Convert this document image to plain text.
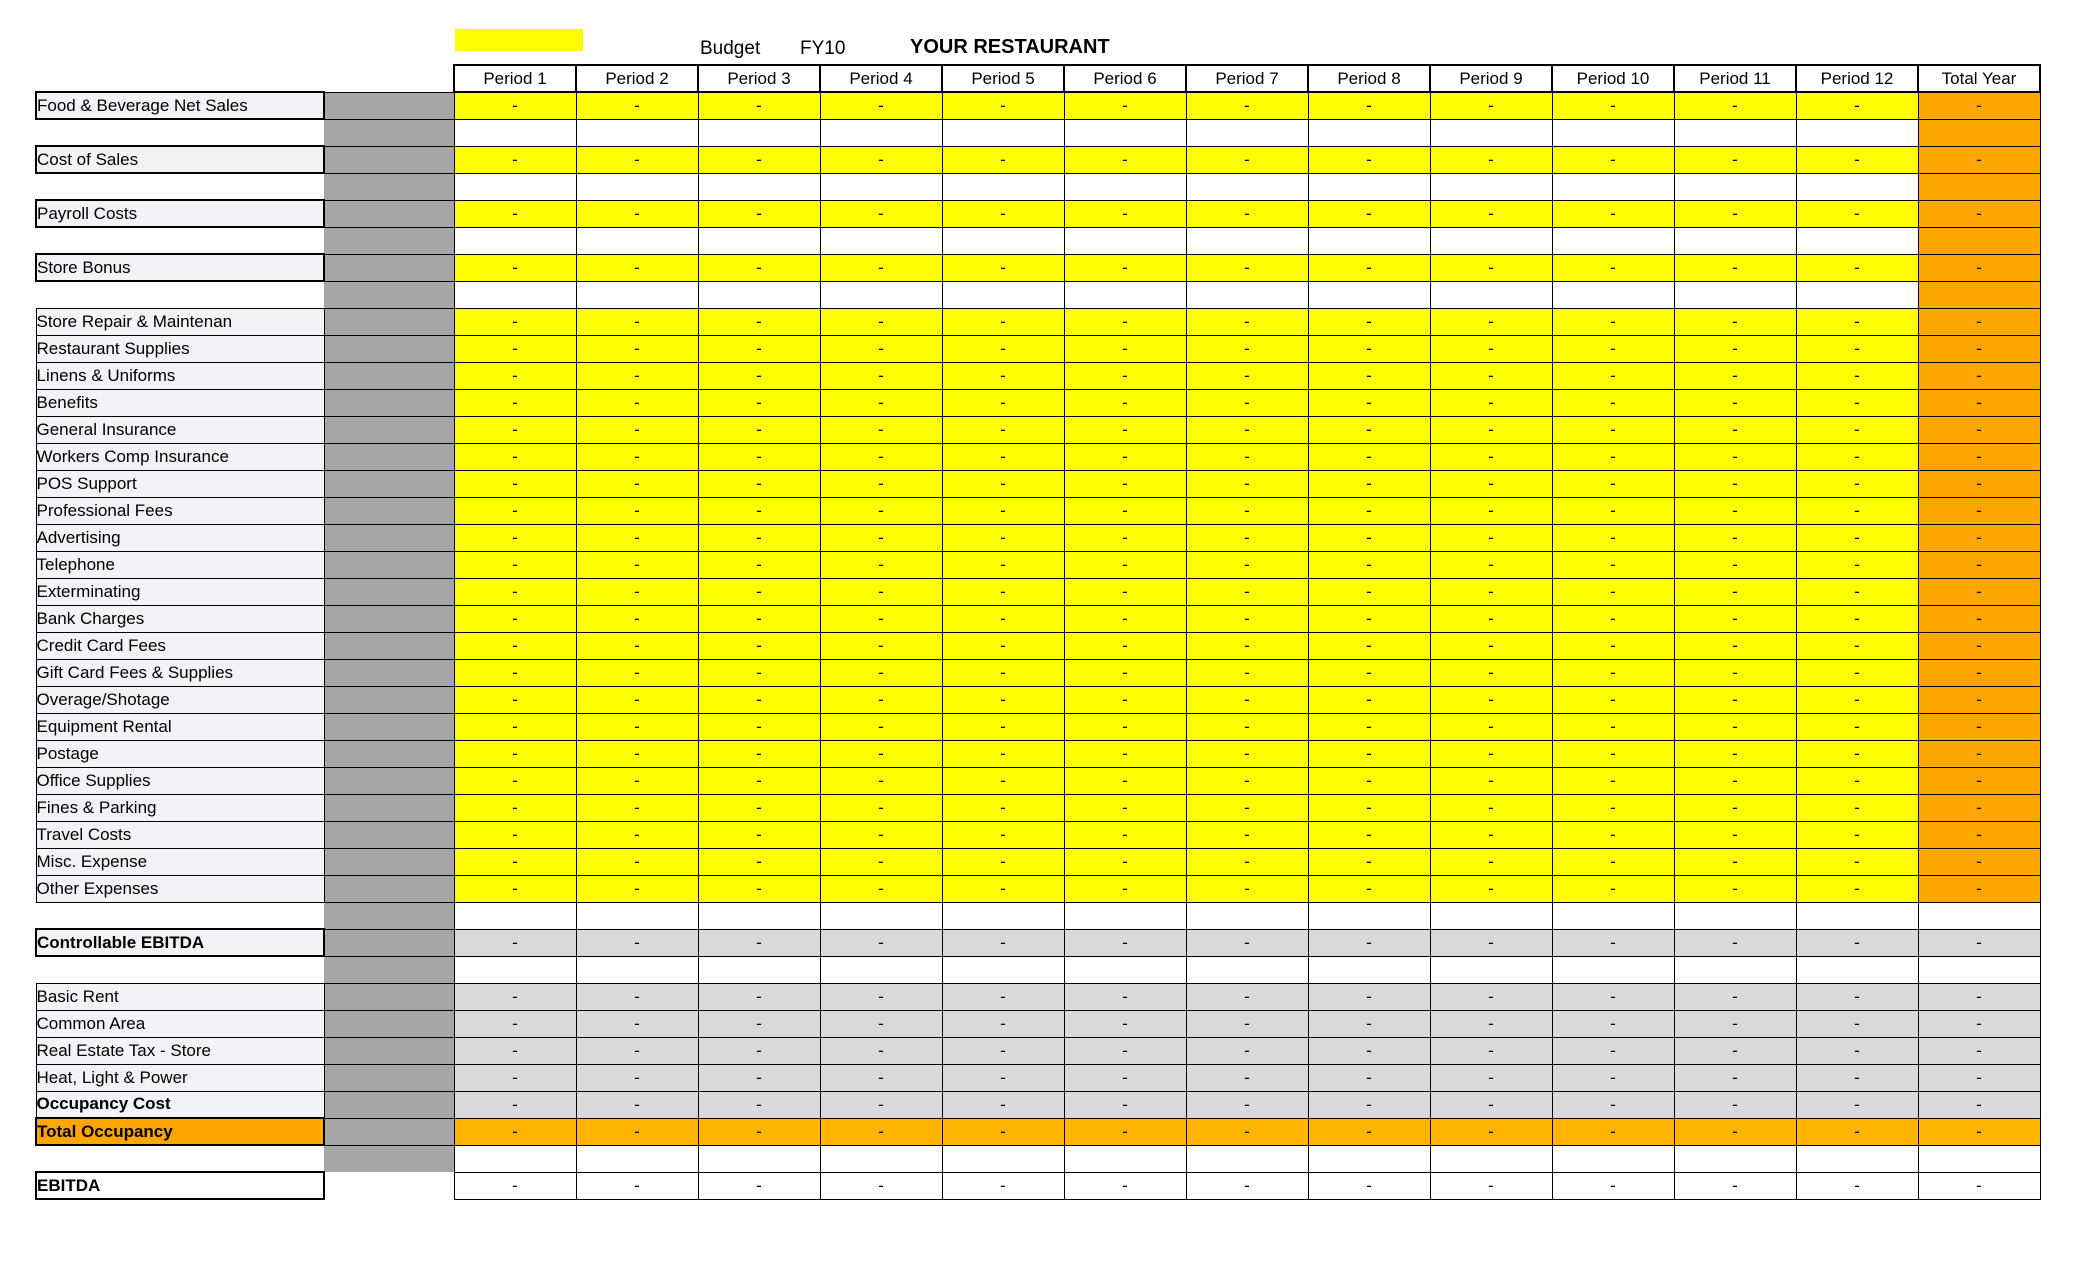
Budget FY10	YOUR RESTAURANT
		Period 1	Period 2	Period 3	Period 4	Period 5	Period 6	Period 7	Period 8	Period 9	Period 10	Period 11	Period 12	Total Year
Food & Beverage Net Sales		-	-	-	-	-	-	-	-	-	-	-	-	-

Cost of Sales		-	-	-	-	-	-	-	-	-	-	-	-	-

Payroll Costs		-	-	-	-	-	-	-	-	-	-	-	-	-

Store Bonus		-	-	-	-	-	-	-	-	-	-	-	-	-

Store Repair & Maintenan		-	-	-	-	-	-	-	-	-	-	-	-	-
Restaurant Supplies		-	-	-	-	-	-	-	-	-	-	-	-	-
Linens & Uniforms		-	-	-	-	-	-	-	-	-	-	-	-	-
Benefits		-	-	-	-	-	-	-	-	-	-	-	-	-
General Insurance		-	-	-	-	-	-	-	-	-	-	-	-	-
Workers Comp Insurance		-	-	-	-	-	-	-	-	-	-	-	-	-
POS Support		-	-	-	-	-	-	-	-	-	-	-	-	-
Professional Fees		-	-	-	-	-	-	-	-	-	-	-	-	-
Advertising		-	-	-	-	-	-	-	-	-	-	-	-	-
Telephone		-	-	-	-	-	-	-	-	-	-	-	-	-
Exterminating		-	-	-	-	-	-	-	-	-	-	-	-	-
Bank Charges		-	-	-	-	-	-	-	-	-	-	-	-	-
Credit Card Fees		-	-	-	-	-	-	-	-	-	-	-	-	-
Gift Card Fees & Supplies		-	-	-	-	-	-	-	-	-	-	-	-	-
Overage/Shotage		-	-	-	-	-	-	-	-	-	-	-	-	-
Equipment Rental		-	-	-	-	-	-	-	-	-	-	-	-	-
Postage		-	-	-	-	-	-	-	-	-	-	-	-	-
Office Supplies		-	-	-	-	-	-	-	-	-	-	-	-	-
Fines & Parking		-	-	-	-	-	-	-	-	-	-	-	-	-
Travel Costs		-	-	-	-	-	-	-	-	-	-	-	-	-
Misc. Expense		-	-	-	-	-	-	-	-	-	-	-	-	-
Other Expenses		-	-	-	-	-	-	-	-	-	-	-	-	-

Controllable EBITDA		-	-	-	-	-	-	-	-	-	-	-	-	-

Basic Rent		-	-	-	-	-	-	-	-	-	-	-	-	-
Common Area		-	-	-	-	-	-	-	-	-	-	-	-	-
Real Estate Tax - Store		-	-	-	-	-	-	-	-	-	-	-	-	-
Heat, Light & Power		-	-	-	-	-	-	-	-	-	-	-	-	-
Occupancy Cost		-	-	-	-	-	-	-	-	-	-	-	-	-
Total Occupancy		-	-	-	-	-	-	-	-	-	-	-	-	-

EBITDA		-	-	-	-	-	-	-	-	-	-	-	-	-
